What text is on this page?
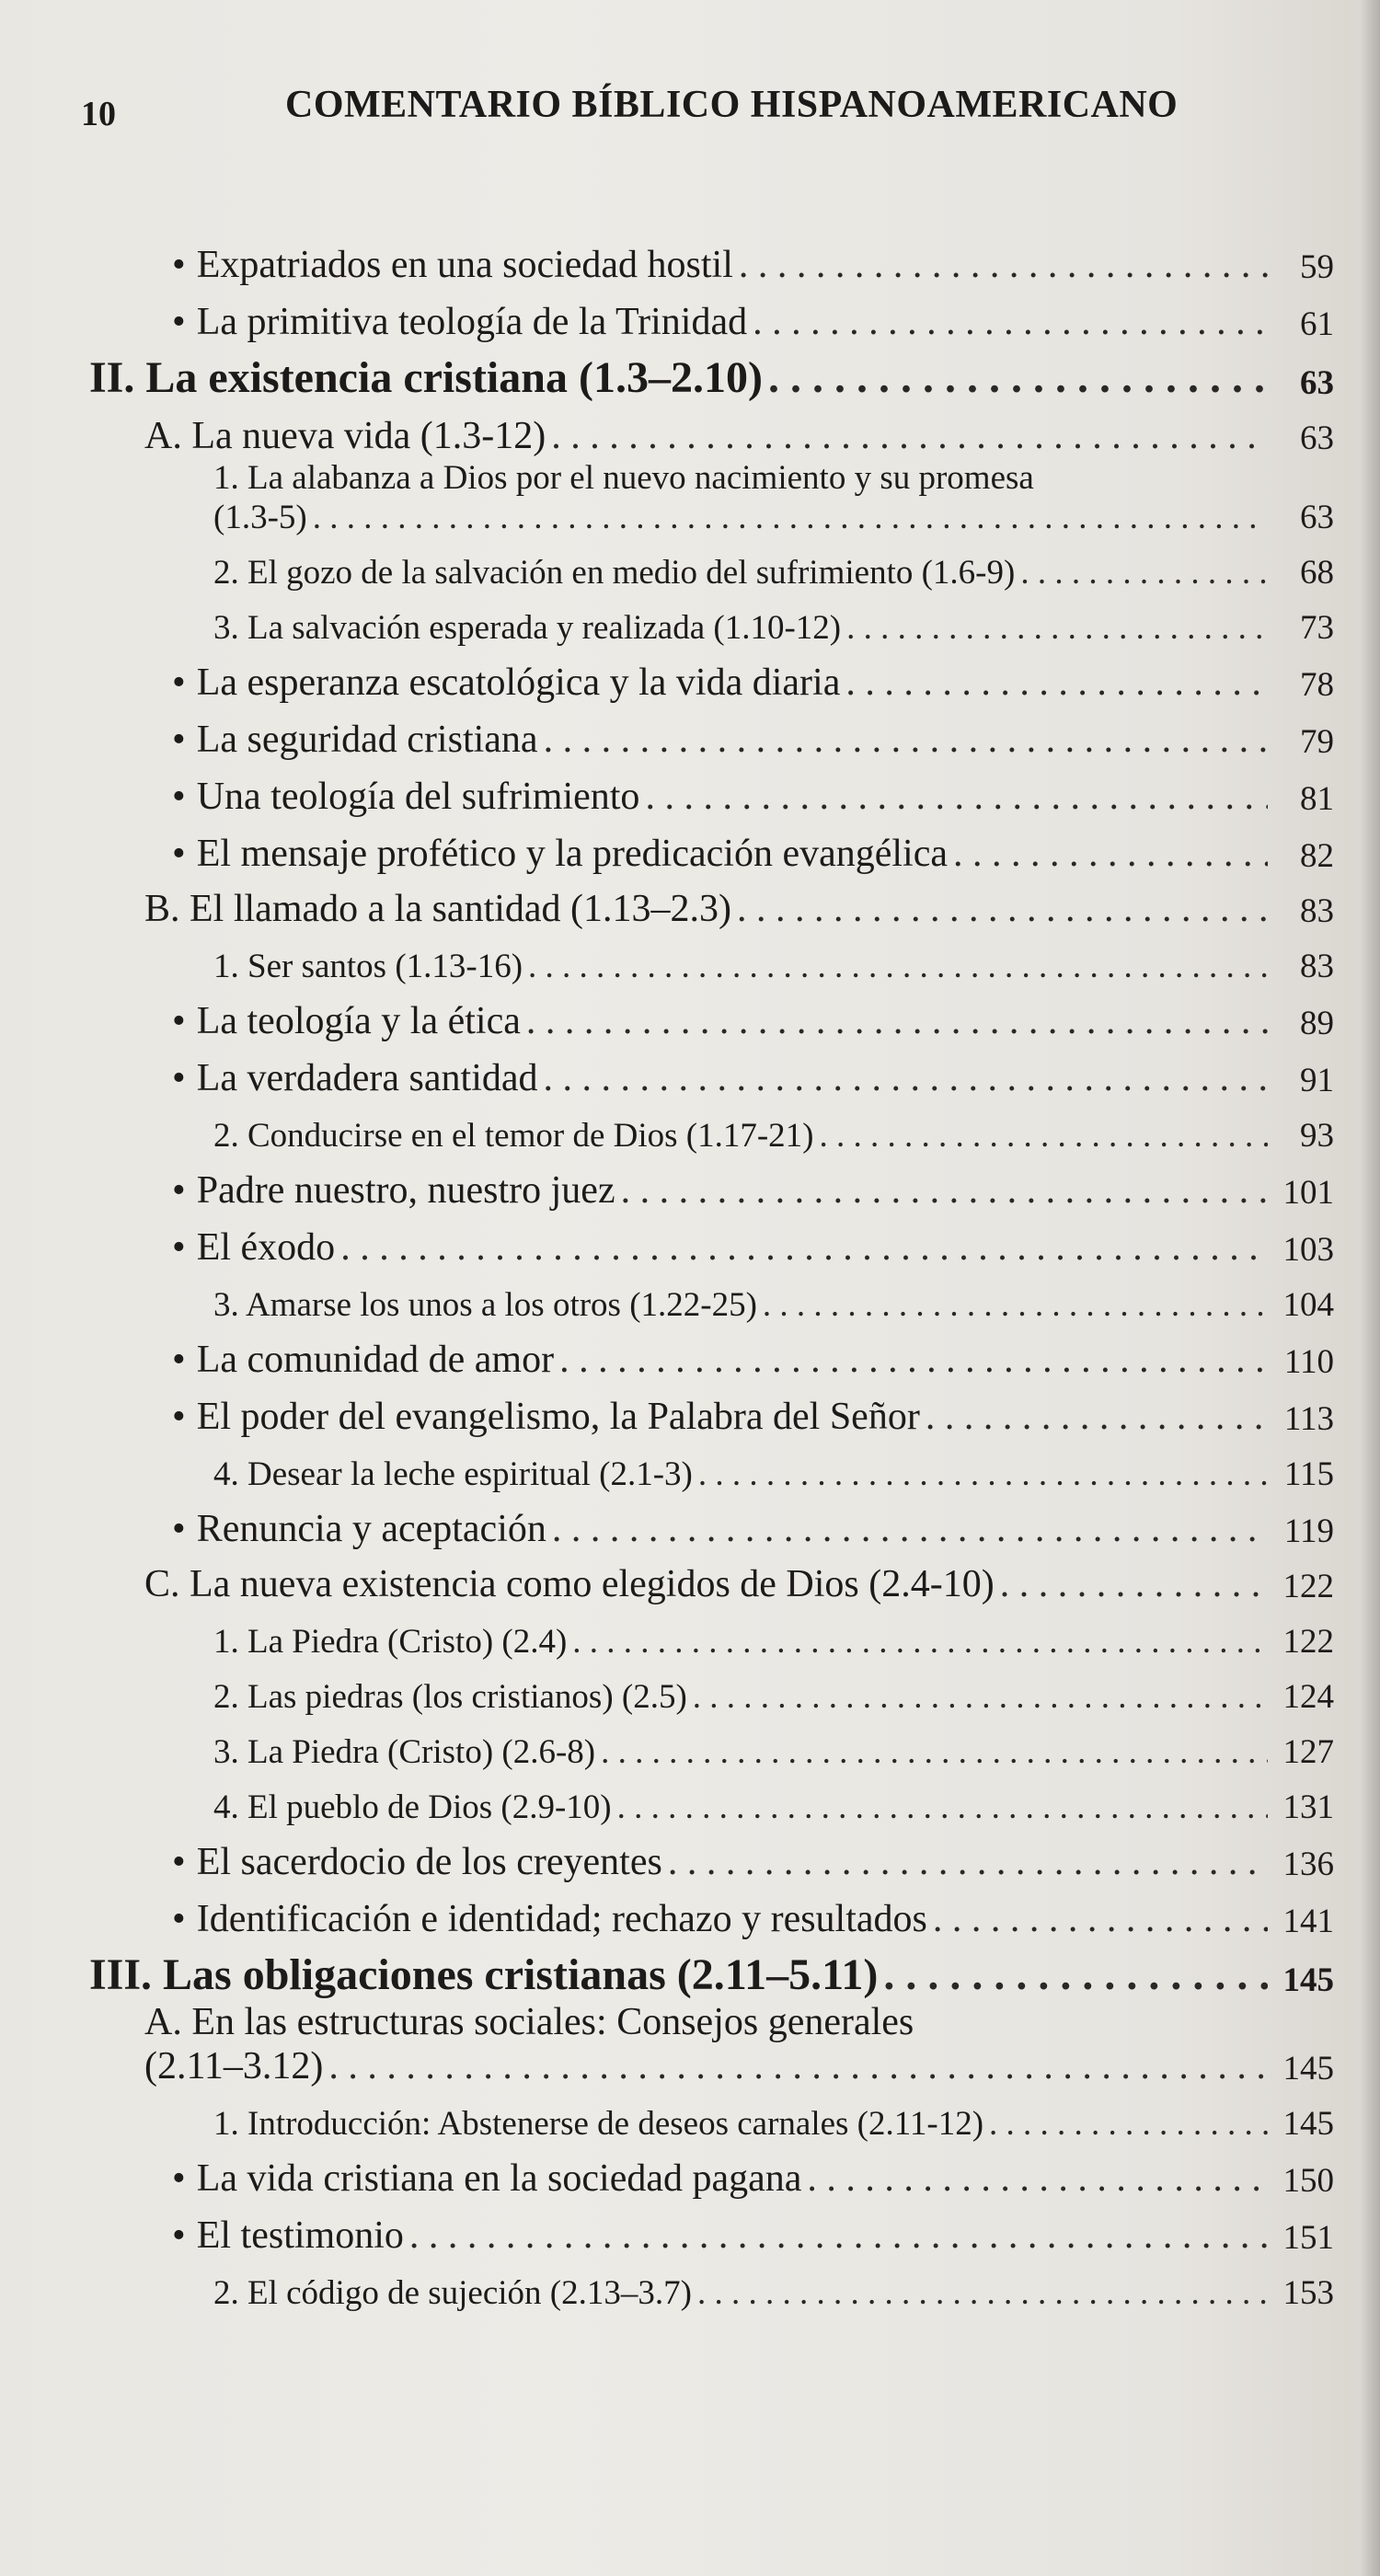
10	COMENTARIO BÍBLICO HISPANOAMERICANO
• Expatriados en una sociedad hostil . . .	59
• La primitiva teología de la Trinidad . . .	61
II. La existencia cristiana (1.3–2.10) . . .	63
A. La nueva vida (1.3-12) . . .	63
1. La alabanza a Dios por el nuevo nacimiento y su promesa
(1.3-5) . . .	63
2. El gozo de la salvación en medio del sufrimiento (1.6-9) . . .	68
3. La salvación esperada y realizada (1.10-12) . . .	73
• La esperanza escatológica y la vida diaria . . .	78
• La seguridad cristiana . . .	79
• Una teología del sufrimiento . . .	81
• El mensaje profético y la predicación evangélica . . .	82
B. El llamado a la santidad (1.13–2.3) . . .	83
1. Ser santos (1.13-16) . . .	83
• La teología y la ética . . .	89
• La verdadera santidad . . .	91
2. Conducirse en el temor de Dios (1.17-21) . . .	93
• Padre nuestro, nuestro juez . . .	101
• El éxodo . . .	103
3. Amarse los unos a los otros (1.22-25) . . .	104
• La comunidad de amor . . .	110
• El poder del evangelismo, la Palabra del Señor . . .	113
4. Desear la leche espiritual (2.1-3) . . .	115
• Renuncia y aceptación . . .	119
C. La nueva existencia como elegidos de Dios (2.4-10) . . .	122
1. La Piedra (Cristo) (2.4) . . .	122
2. Las piedras (los cristianos) (2.5) . . .	124
3. La Piedra (Cristo) (2.6-8) . . .	127
4. El pueblo de Dios (2.9-10) . . .	131
• El sacerdocio de los creyentes . . .	136
• Identificación e identidad; rechazo y resultados . . .	141
III. Las obligaciones cristianas (2.11–5.11) . . .	145
A. En las estructuras sociales: Consejos generales
(2.11–3.12) . . .	145
1. Introducción: Abstenerse de deseos carnales (2.11-12) . . .	145
• La vida cristiana en la sociedad pagana . . .	150
• El testimonio . . .	151
2. El código de sujeción (2.13–3.7) . . .	153
